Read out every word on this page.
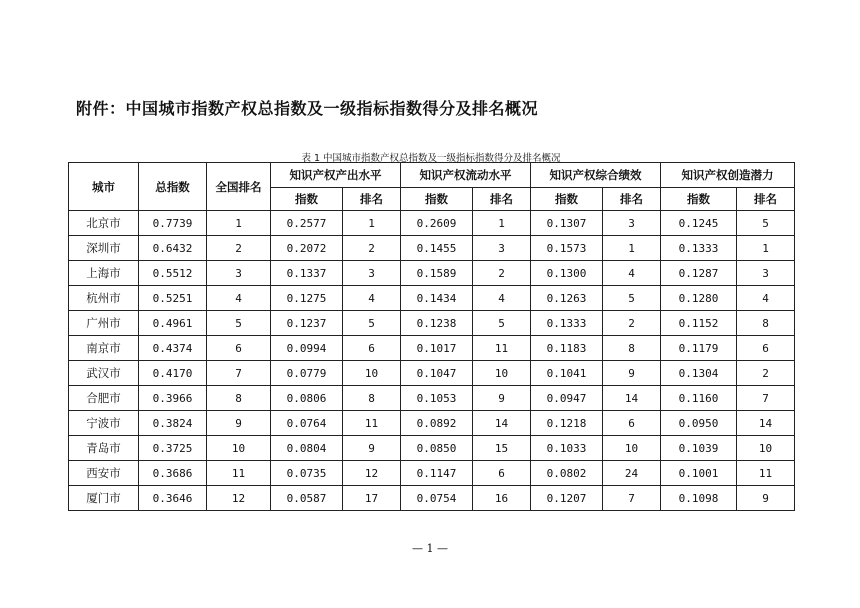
附件：中国城市指数产权总指数及一级指标指数得分及排名概况
表 1 中国城市指数产权总指数及一级指标指数得分及排名概况
城市	总指数	全国排名	知识产权产出水平		知识产权流动水平		知识产权综合绩效		知识产权创造潜力	
			指数	排名	指数	排名	指数	排名	指数	排名
北京市	0.7739	1	0.2577	1	0.2609	1	0.1307	3	0.1245	5
深圳市	0.6432	2	0.2072	2	0.1455	3	0.1573	1	0.1333	1
上海市	0.5512	3	0.1337	3	0.1589	2	0.1300	4	0.1287	3
杭州市	0.5251	4	0.1275	4	0.1434	4	0.1263	5	0.1280	4
广州市	0.4961	5	0.1237	5	0.1238	5	0.1333	2	0.1152	8
南京市	0.4374	6	0.0994	6	0.1017	11	0.1183	8	0.1179	6
武汉市	0.4170	7	0.0779	10	0.1047	10	0.1041	9	0.1304	2
合肥市	0.3966	8	0.0806	8	0.1053	9	0.0947	14	0.1160	7
宁波市	0.3824	9	0.0764	11	0.0892	14	0.1218	6	0.0950	14
青岛市	0.3725	10	0.0804	9	0.0850	15	0.1033	10	0.1039	10
西安市	0.3686	11	0.0735	12	0.1147	6	0.0802	24	0.1001	11
厦门市	0.3646	12	0.0587	17	0.0754	16	0.1207	7	0.1098	9
— 1 —
